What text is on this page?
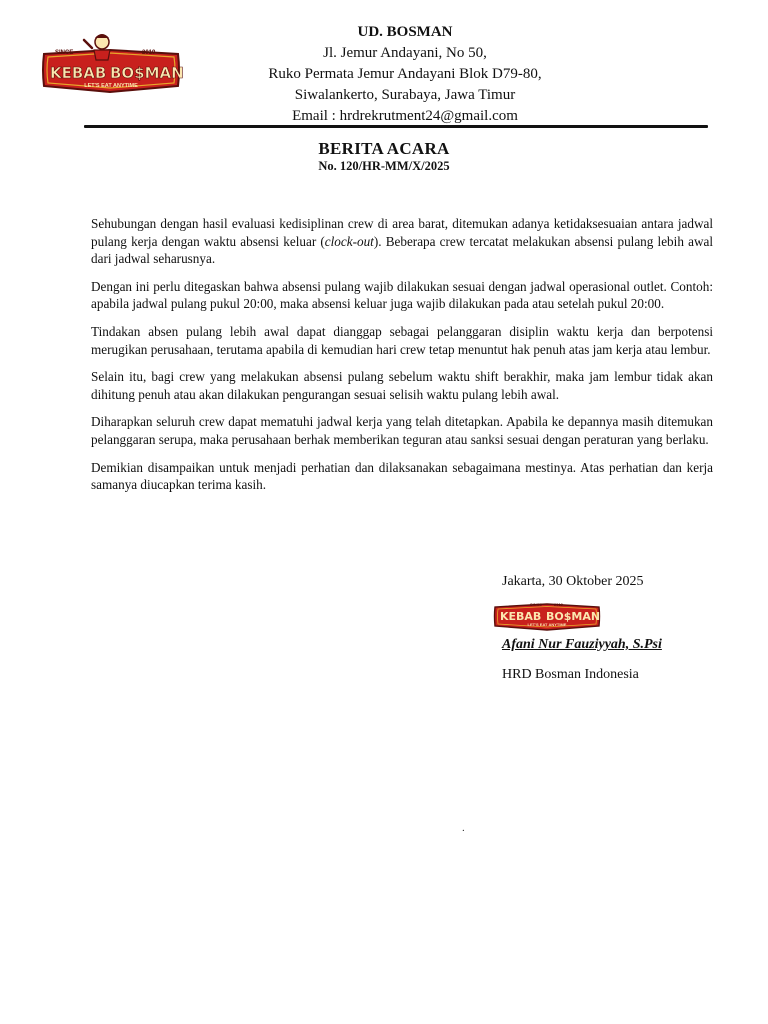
SINCE	2019
KEBAB BO$MAN
LET'S EAT ANYTIME
UD. BOSMAN
Jl. Jemur Andayani, No 50,
Ruko Permata Jemur Andayani Blok D79-80,
Siwalankerto, Surabaya, Jawa Timur
Email : hrdrekrutment24@gmail.com
BERITA ACARA
No. 120/HR-MM/X/2025

Sehubungan dengan hasil evaluasi kedisiplinan crew di area barat, ditemukan adanya ketidaksesuaian antara jadwal pulang kerja dengan waktu absensi keluar (clock-out). Beberapa crew tercatat melakukan absensi pulang lebih awal dari jadwal seharusnya.

Dengan ini perlu ditegaskan bahwa absensi pulang wajib dilakukan sesuai dengan jadwal operasional outlet. Contoh: apabila jadwal pulang pukul 20:00, maka absensi keluar juga wajib dilakukan pada atau setelah pukul 20:00.

Tindakan absen pulang lebih awal dapat dianggap sebagai pelanggaran disiplin waktu kerja dan berpotensi merugikan perusahaan, terutama apabila di kemudian hari crew tetap menuntut hak penuh atas jam kerja atau lembur.

Selain itu, bagi crew yang melakukan absensi pulang sebelum waktu shift berakhir, maka jam lembur tidak akan dihitung penuh atau akan dilakukan pengurangan sesuai selisih waktu pulang lebih awal.

Diharapkan seluruh crew dapat mematuhi jadwal kerja yang telah ditetapkan. Apabila ke depannya masih ditemukan pelanggaran serupa, maka perusahaan berhak memberikan teguran atau sanksi sesuai dengan peraturan yang berlaku.

Demikian disampaikan untuk menjadi perhatian dan dilaksanakan sebagaimana mestinya. Atas perhatian dan kerja samanya diucapkan terima kasih.

Jakarta, 30 Oktober 2025
SINCE	2019
KEBAB BO$MAN
LET'S EAT ANYTIME
Afani Nur Fauziyyah, S.Psi
HRD Bosman Indonesia
.
